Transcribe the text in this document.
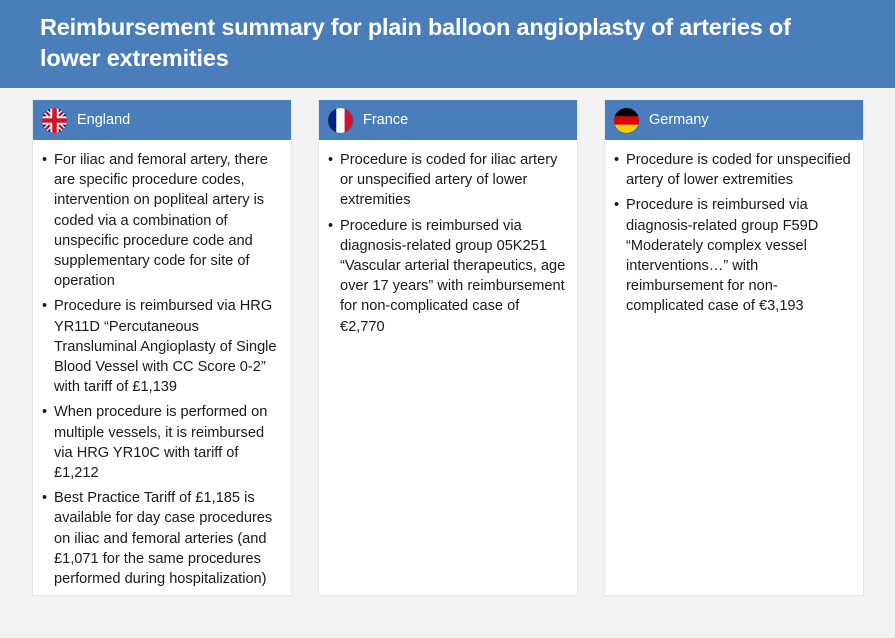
Reimbursement summary for plain balloon angioplasty of arteries of lower extremities
England
• For iliac and femoral artery, there are specific procedure codes, intervention on popliteal artery is coded via a combination of unspecific procedure code and supplementary code for site of operation
• Procedure is reimbursed via HRG YR11D “Percutaneous Transluminal Angioplasty of Single Blood Vessel with CC Score 0-2” with tariff of £1,139
• When procedure is performed on multiple vessels, it is reimbursed via HRG YR10C with tariff of £1,212
• Best Practice Tariff of £1,185 is available for day case procedures on iliac and femoral arteries (and £1,071 for the same procedures performed during hospitalization)
France
• Procedure is coded for iliac artery or unspecified artery of lower extremities
• Procedure is reimbursed via diagnosis-related group 05K251 “Vascular arterial therapeutics, age over 17 years” with reimbursement for non-complicated case of €2,770
Germany
• Procedure is coded for unspecified artery of lower extremities
• Procedure is reimbursed via diagnosis-related group F59D “Moderately complex vessel interventions…” with reimbursement for non-complicated case of €3,193
